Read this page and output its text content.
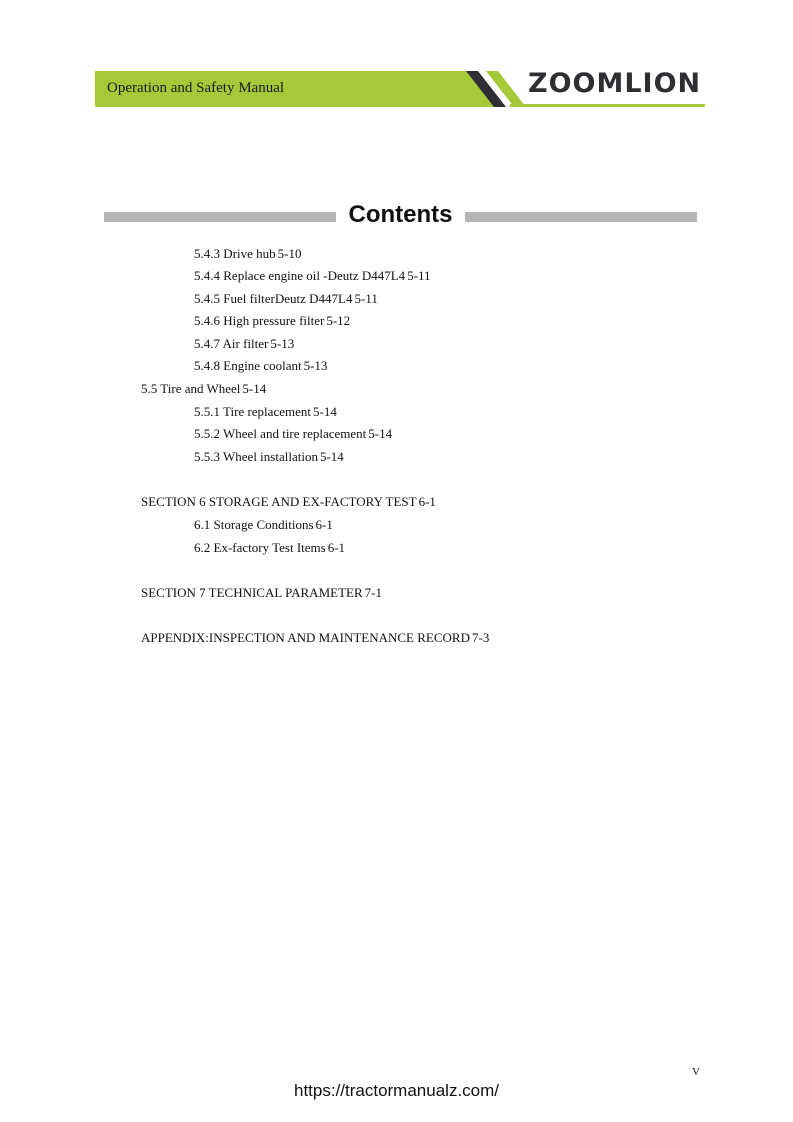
Operation and Safety Manual	ZOOMLION
Contents
5.4.3 Drive hub 5-10
5.4.4 Replace engine oil -Deutz D447L4 5-11
5.4.5 Fuel filterDeutz D447L4 5-11
5.4.6 High pressure filter 5-12
5.4.7 Air filter 5-13
5.4.8 Engine coolant 5-13
5.5 Tire and Wheel 5-14
5.5.1 Tire replacement 5-14
5.5.2 Wheel and tire replacement 5-14
5.5.3 Wheel installation 5-14
SECTION 6 STORAGE AND EX-FACTORY TEST 6-1
6.1 Storage Conditions 6-1
6.2 Ex-factory Test Items 6-1
SECTION 7 TECHNICAL PARAMETER 7-1
APPENDIX:INSPECTION AND MAINTENANCE RECORD 7-3
V
https://tractormanualz.com/
